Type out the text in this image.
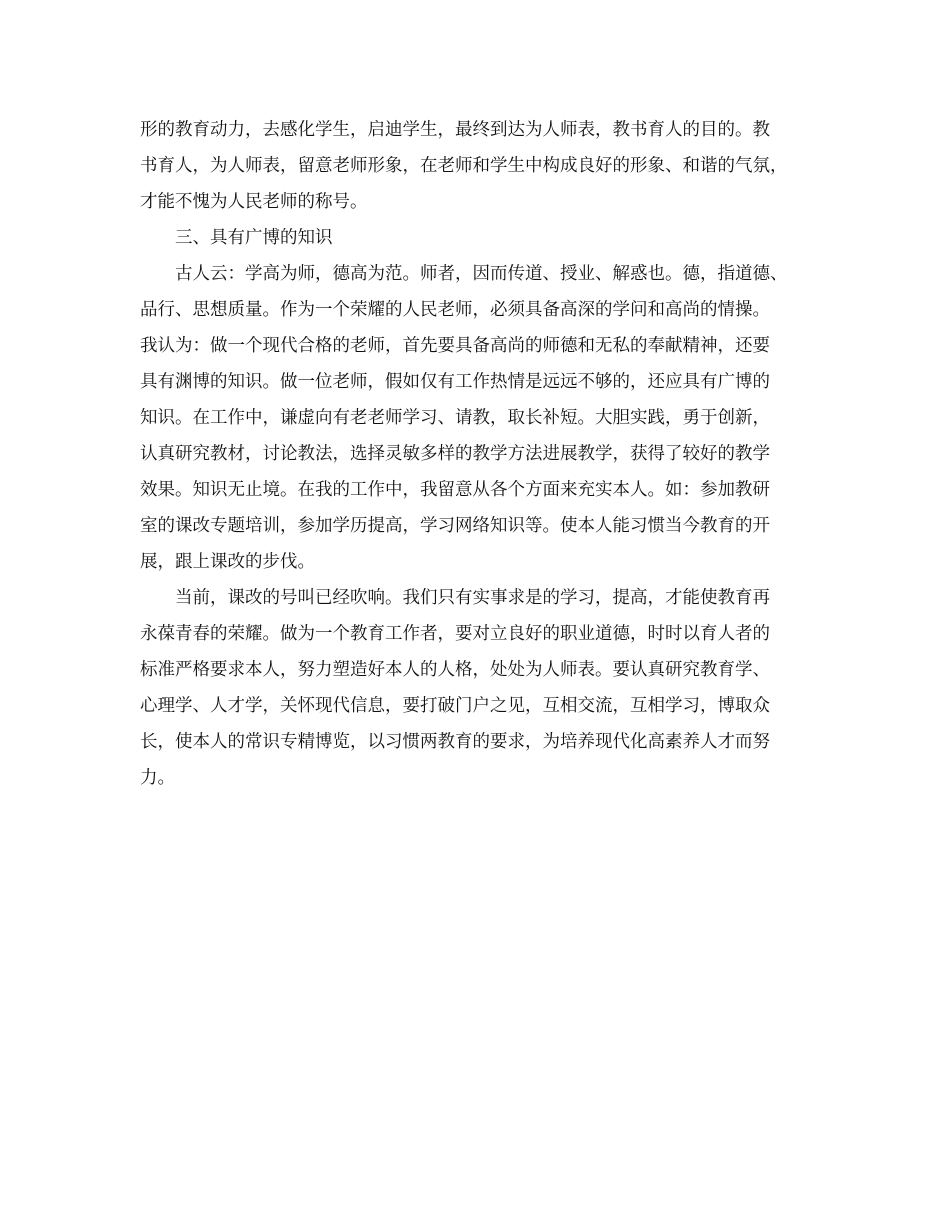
形的教育动力，去感化学生，启迪学生，最终到达为人师表，教书育人的目的。教
书育人，为人师表，留意老师形象，在老师和学生中构成良好的形象、和谐的气氛，
才能不愧为人民老师的称号。
三、具有广博的知识
古人云：学高为师，德高为范。师者，因而传道、授业、解惑也。德，指道德、
品行、思想质量。作为一个荣耀的人民老师，必须具备高深的学问和高尚的情操。
我认为：做一个现代合格的老师，首先要具备高尚的师德和无私的奉献精神，还要
具有渊博的知识。做一位老师，假如仅有工作热情是远远不够的，还应具有广博的
知识。在工作中，谦虚向有老老师学习、请教，取长补短。大胆实践，勇于创新，
认真研究教材，讨论教法，选择灵敏多样的教学方法进展教学，获得了较好的教学
效果。知识无止境。在我的工作中，我留意从各个方面来充实本人。如：参加教研
室的课改专题培训，参加学历提高，学习网络知识等。使本人能习惯当今教育的开
展，跟上课改的步伐。
当前，课改的号叫已经吹响。我们只有实事求是的学习，提高，才能使教育再
永葆青春的荣耀。做为一个教育工作者，要对立良好的职业道德，时时以育人者的
标准严格要求本人，努力塑造好本人的人格，处处为人师表。要认真研究教育学、
心理学、人才学，关怀现代信息，要打破门户之见，互相交流，互相学习，博取众
长，使本人的常识专精博览，以习惯两教育的要求，为培养现代化高素养人才而努
力。
